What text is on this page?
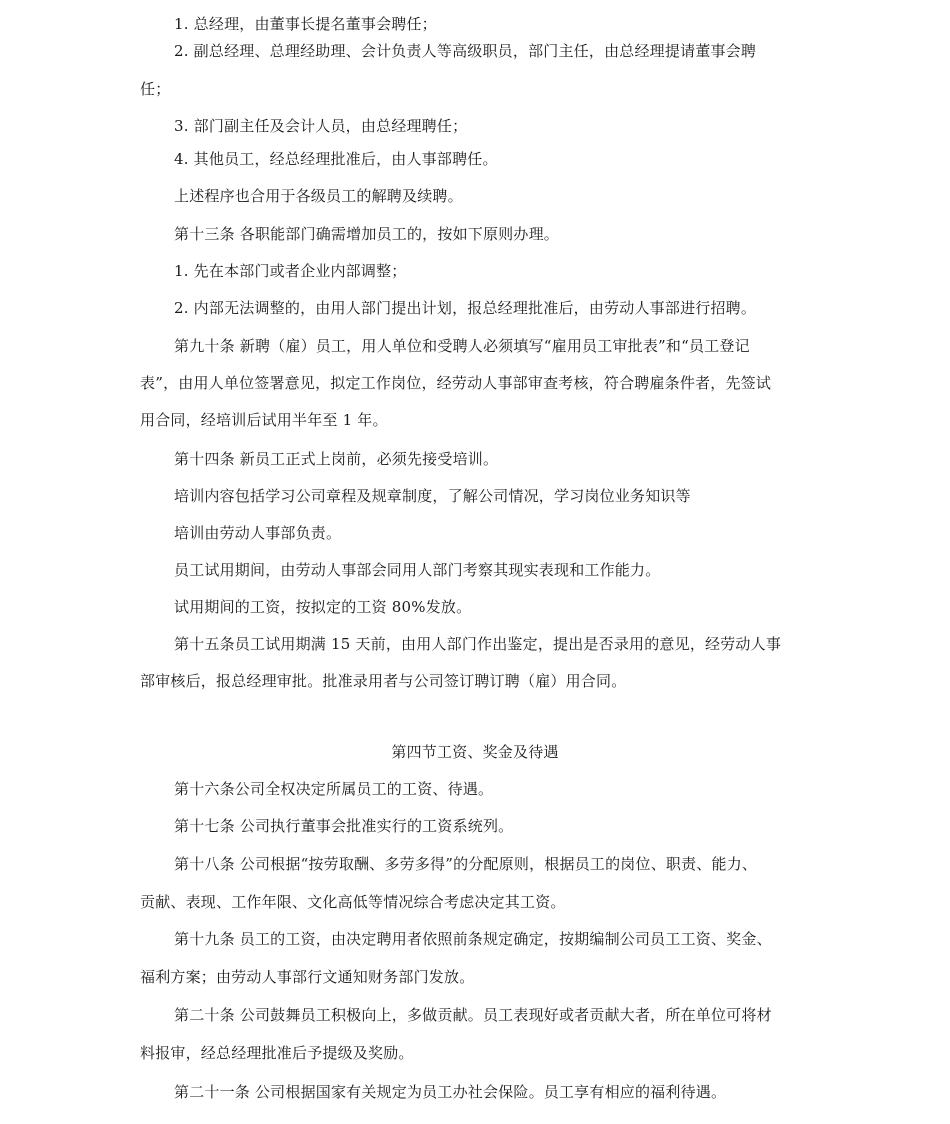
1. 总经理，由董事长提名董事会聘任；
2. 副总经理、总理经助理、会计负责人等高级职员，部门主任，由总经理提请董事会聘
任；
3. 部门副主任及会计人员，由总经理聘任；
4. 其他员工，经总经理批准后，由人事部聘任。
上述程序也合用于各级员工的解聘及续聘。
第十三条 各职能部门确需增加员工的，按如下原则办理。
1. 先在本部门或者企业内部调整；
2. 内部无法调整的，由用人部门提出计划，报总经理批准后，由劳动人事部进行招聘。
第九十条 新聘（雇）员工，用人单位和受聘人必须填写“雇用员工审批表”和“员工登记
表”，由用人单位签署意见，拟定工作岗位，经劳动人事部审查考核，符合聘雇条件者，先签试
用合同，经培训后试用半年至 1 年。
第十四条 新员工正式上岗前，必须先接受培训。
培训内容包括学习公司章程及规章制度，了解公司情况，学习岗位业务知识等
培训由劳动人事部负责。
员工试用期间，由劳动人事部会同用人部门考察其现实表现和工作能力。
试用期间的工资，按拟定的工资 80%发放。
第十五条员工试用期满 15 天前，由用人部门作出鉴定，提出是否录用的意见，经劳动人事
部审核后，报总经理审批。批准录用者与公司签订聘订聘（雇）用合同。
第四节工资、奖金及待遇
第十六条公司全权决定所属员工的工资、待遇。
第十七条 公司执行董事会批准实行的工资系统列。
第十八条 公司根据“按劳取酬、多劳多得”的分配原则，根据员工的岗位、职责、能力、
贡献、表现、工作年限、文化高低等情况综合考虑决定其工资。
第十九条 员工的工资，由决定聘用者依照前条规定确定，按期编制公司员工工资、奖金、
福利方案；由劳动人事部行文通知财务部门发放。
第二十条 公司鼓舞员工积极向上，多做贡献。员工表现好或者贡献大者，所在单位可将材
料报审，经总经理批准后予提级及奖励。
第二十一条 公司根据国家有关规定为员工办社会保险。员工享有相应的福利待遇。
